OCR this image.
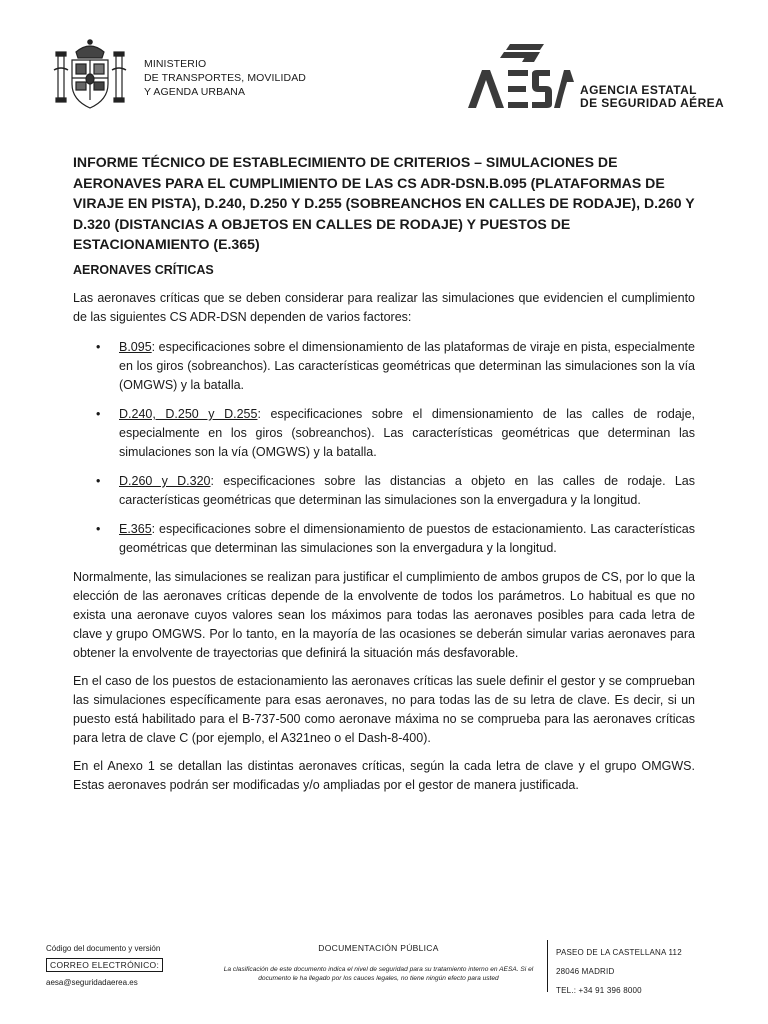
MINISTERIO
DE TRANSPORTES, MOVILIDAD
Y AGENDA URBANA	AGENCIA ESTATAL
DE SEGURIDAD AÉREA
INFORME TÉCNICO DE ESTABLECIMIENTO DE CRITERIOS – SIMULACIONES DE AERONAVES PARA EL CUMPLIMIENTO DE LAS CS ADR-DSN.B.095 (PLATAFORMAS DE VIRAJE EN PISTA), D.240, D.250 Y D.255 (SOBREANCHOS EN CALLES DE RODAJE), D.260 Y D.320 (DISTANCIAS A OBJETOS EN CALLES DE RODAJE) Y PUESTOS DE ESTACIONAMIENTO (E.365)
AERONAVES CRÍTICAS

Las aeronaves críticas que se deben considerar para realizar las simulaciones que evidencien el cumplimiento de las siguientes CS ADR-DSN dependen de varios factores:

• B.095: especificaciones sobre el dimensionamiento de las plataformas de viraje en pista, especialmente en los giros (sobreanchos). Las características geométricas que determinan las simulaciones son la vía (OMGWS) y la batalla.
• D.240, D.250 y D.255: especificaciones sobre el dimensionamiento de las calles de rodaje, especialmente en los giros (sobreanchos). Las características geométricas que determinan las simulaciones son la vía (OMGWS) y la batalla.
• D.260 y D.320: especificaciones sobre las distancias a objeto en las calles de rodaje. Las características geométricas que determinan las simulaciones son la envergadura y la longitud.
• E.365: especificaciones sobre el dimensionamiento de puestos de estacionamiento. Las características geométricas que determinan las simulaciones son la envergadura y la longitud.

Normalmente, las simulaciones se realizan para justificar el cumplimiento de ambos grupos de CS, por lo que la elección de las aeronaves críticas depende de la envolvente de todos los parámetros. Lo habitual es que no exista una aeronave cuyos valores sean los máximos para todas las aeronaves posibles para cada letra de clave y grupo OMGWS. Por lo tanto, en la mayoría de las ocasiones se deberán simular varias aeronaves para obtener la envolvente de trayectorias que definirá la situación más desfavorable.

En el caso de los puestos de estacionamiento las aeronaves críticas las suele definir el gestor y se comprueban las simulaciones específicamente para esas aeronaves, no para todas las de su letra de clave. Es decir, si un puesto está habilitado para el B-737-500 como aeronave máxima no se comprueba para las aeronaves críticas para letra de clave C (por ejemplo, el A321neo o el Dash-8-400).

En el Anexo 1 se detallan las distintas aeronaves críticas, según la cada letra de clave y el grupo OMGWS. Estas aeronaves podrán ser modificadas y/o ampliadas por el gestor de manera justificada.

Código del documento y versión
CORREO ELECTRÓNICO:
aesa@seguridadaerea.es
DOCUMENTACIÓN PÚBLICA
La clasificación de este documento indica el nivel de seguridad para su tratamiento interno en AESA. Si el documento le ha llegado por los cauces legales, no tiene ningún efecto para usted
PASEO DE LA CASTELLANA 112
28046 MADRID
TEL.: +34 91 396 8000
